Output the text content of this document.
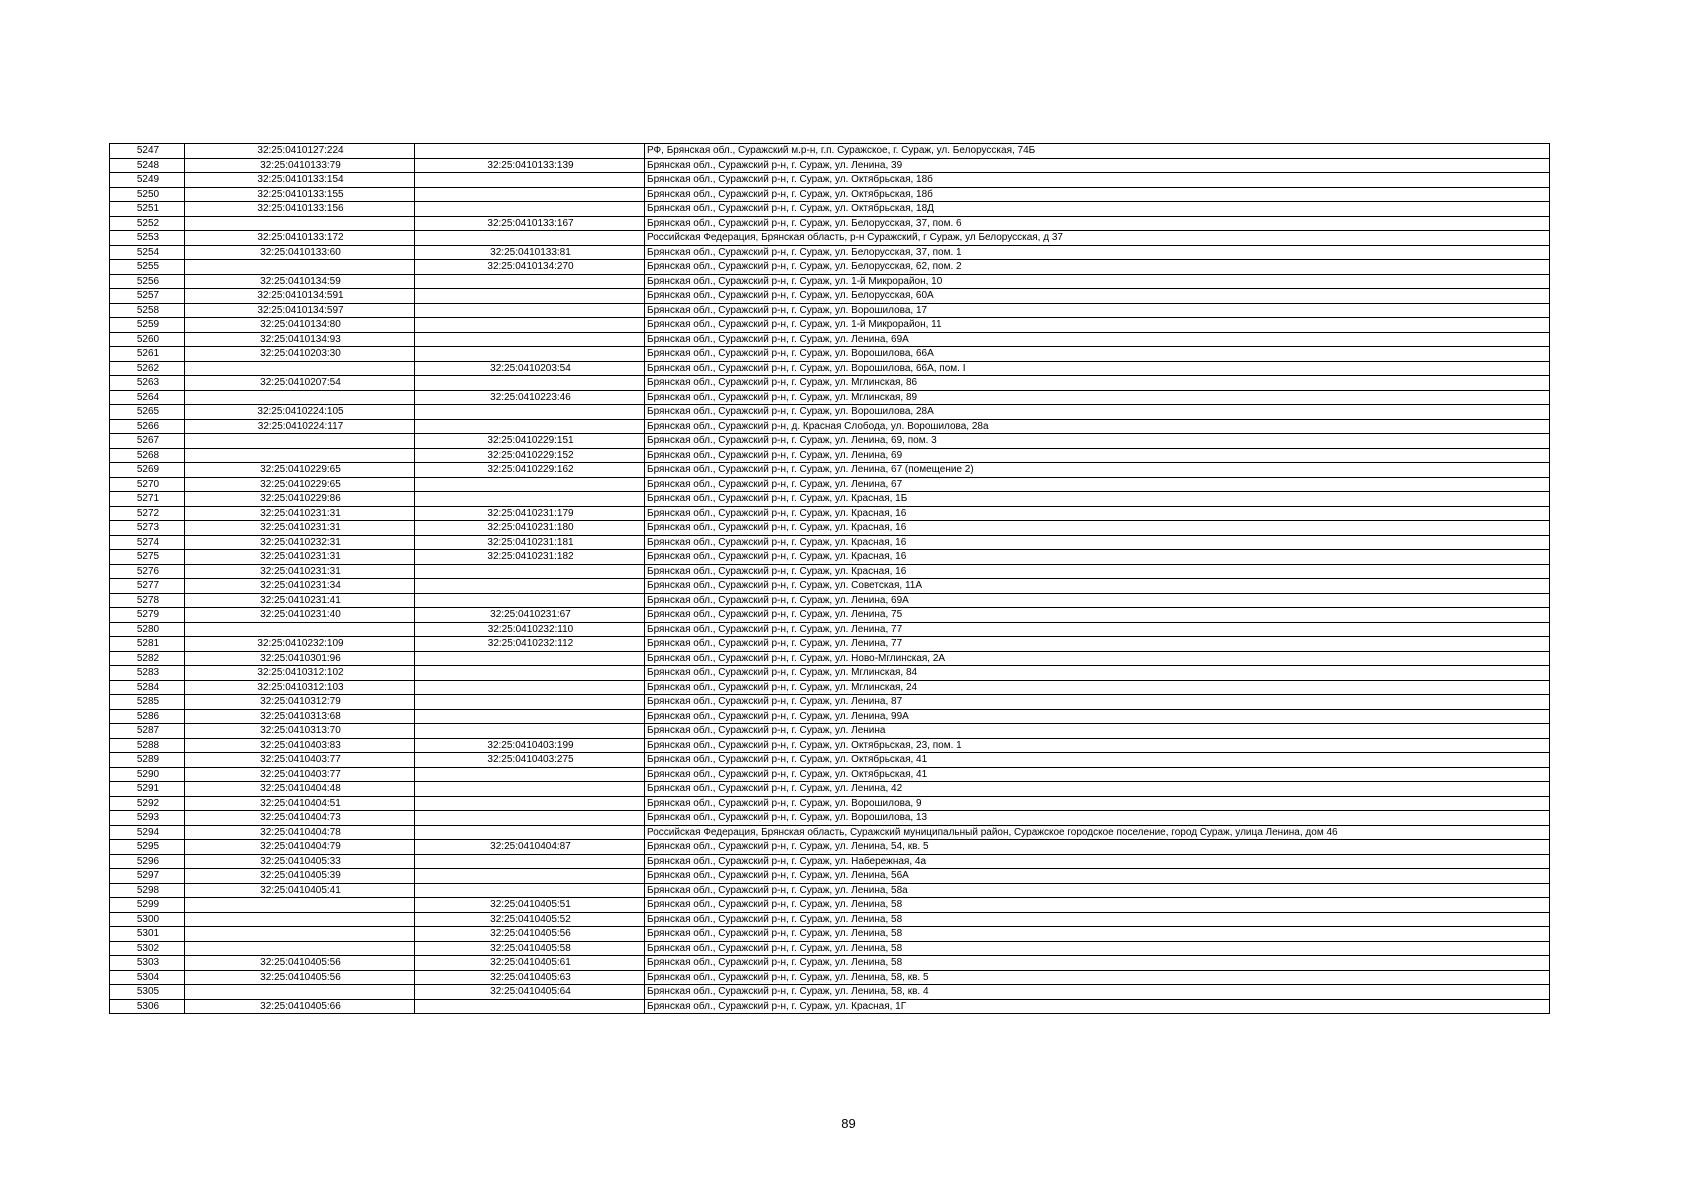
5247	32:25:0410127:224		РФ, Брянская обл., Суражский м.р-н, г.п. Суражское, г. Сураж, ул. Белорусская, 74Б
5248	32:25:0410133:79	32:25:0410133:139	Брянская обл., Суражский р-н, г. Сураж, ул. Ленина, 39
5249	32:25:0410133:154		Брянская обл., Суражский р-н, г. Сураж, ул. Октябрьская, 18б
5250	32:25:0410133:155		Брянская обл., Суражский р-н, г. Сураж, ул. Октябрьская, 18б
5251	32:25:0410133:156		Брянская обл., Суражский р-н, г. Сураж, ул. Октябрьская, 18Д
5252		32:25:0410133:167	Брянская обл., Суражский р-н, г. Сураж, ул. Белорусская, 37, пом. 6
5253	32:25:0410133:172		Российская Федерация, Брянская область, р-н Суражский, г Сураж, ул Белорусская, д 37
5254	32:25:0410133:60	32:25:0410133:81	Брянская обл., Суражский р-н, г. Сураж, ул. Белорусская, 37, пом. 1
5255		32:25:0410134:270	Брянская обл., Суражский р-н, г. Сураж, ул. Белорусская, 62, пом. 2
5256	32:25:0410134:59		Брянская обл., Суражский р-н, г. Сураж, ул. 1-й Микрорайон, 10
5257	32:25:0410134:591		Брянская обл., Суражский р-н, г. Сураж, ул. Белорусская, 60А
5258	32:25:0410134:597		Брянская обл., Суражский р-н, г. Сураж, ул. Ворошилова, 17
5259	32:25:0410134:80		Брянская обл., Суражский р-н, г. Сураж, ул. 1-й Микрорайон, 11
5260	32:25:0410134:93		Брянская обл., Суражский р-н, г. Сураж, ул. Ленина, 69А
5261	32:25:0410203:30		Брянская обл., Суражский р-н, г. Сураж, ул. Ворошилова, 66А
5262		32:25:0410203:54	Брянская обл., Суражский р-н, г. Сураж, ул. Ворошилова, 66А, пом. I
5263	32:25:0410207:54		Брянская обл., Суражский р-н, г. Сураж, ул. Мглинская, 86
5264		32:25:0410223:46	Брянская обл., Суражский р-н, г. Сураж, ул. Мглинская, 89
5265	32:25:0410224:105		Брянская обл., Суражский р-н, г. Сураж, ул. Ворошилова, 28А
5266	32:25:0410224:117		Брянская обл., Суражский р-н, д. Красная Слобода, ул. Ворошилова, 28а
5267		32:25:0410229:151	Брянская обл., Суражский р-н, г. Сураж, ул. Ленина, 69, пом. 3
5268		32:25:0410229:152	Брянская обл., Суражский р-н, г. Сураж, ул. Ленина, 69
5269	32:25:0410229:65	32:25:0410229:162	Брянская обл., Суражский р-н, г. Сураж, ул. Ленина, 67 (помещение 2)
5270	32:25:0410229:65		Брянская обл., Суражский р-н, г. Сураж, ул. Ленина, 67
5271	32:25:0410229:86		Брянская обл., Суражский р-н, г. Сураж, ул. Красная, 1Б
5272	32:25:0410231:31	32:25:0410231:179	Брянская обл., Суражский р-н, г. Сураж, ул. Красная, 16
5273	32:25:0410231:31	32:25:0410231:180	Брянская обл., Суражский р-н, г. Сураж, ул. Красная, 16
5274	32:25:0410232:31	32:25:0410231:181	Брянская обл., Суражский р-н, г. Сураж, ул. Красная, 16
5275	32:25:0410231:31	32:25:0410231:182	Брянская обл., Суражский р-н, г. Сураж, ул. Красная, 16
5276	32:25:0410231:31		Брянская обл., Суражский р-н, г. Сураж, ул. Красная, 16
5277	32:25:0410231:34		Брянская обл., Суражский р-н, г. Сураж, ул. Советская, 11А
5278	32:25:0410231:41		Брянская обл., Суражский р-н, г. Сураж, ул. Ленина, 69А
5279	32:25:0410231:40	32:25:0410231:67	Брянская обл., Суражский р-н, г. Сураж, ул. Ленина, 75
5280		32:25:0410232:110	Брянская обл., Суражский р-н, г. Сураж, ул. Ленина, 77
5281	32:25:0410232:109	32:25:0410232:112	Брянская обл., Суражский р-н, г. Сураж, ул. Ленина, 77
5282	32:25:0410301:96		Брянская обл., Суражский р-н, г. Сураж, ул. Ново-Мглинская, 2А
5283	32:25:0410312:102		Брянская обл., Суражский р-н, г. Сураж, ул. Мглинская, 84
5284	32:25:0410312:103		Брянская обл., Суражский р-н, г. Сураж, ул. Мглинская, 24
5285	32:25:0410312:79		Брянская обл., Суражский р-н, г. Сураж, ул. Ленина, 87
5286	32:25:0410313:68		Брянская обл., Суражский р-н, г. Сураж, ул. Ленина, 99А
5287	32:25:0410313:70		Брянская обл., Суражский р-н, г. Сураж, ул. Ленина
5288	32:25:0410403:83	32:25:0410403:199	Брянская обл., Суражский р-н, г. Сураж, ул. Октябрьская, 23, пом. 1
5289	32:25:0410403:77	32:25:0410403:275	Брянская обл., Суражский р-н, г. Сураж, ул. Октябрьская, 41
5290	32:25:0410403:77		Брянская обл., Суражский р-н, г. Сураж, ул. Октябрьская, 41
5291	32:25:0410404:48		Брянская обл., Суражский р-н, г. Сураж, ул. Ленина, 42
5292	32:25:0410404:51		Брянская обл., Суражский р-н, г. Сураж, ул. Ворошилова, 9
5293	32:25:0410404:73		Брянская обл., Суражский р-н, г. Сураж, ул. Ворошилова, 13
5294	32:25:0410404:78		Российская Федерация, Брянская область, Суражский муниципальный район, Суражское городское поселение, город Сураж, улица Ленина, дом 46
5295	32:25:0410404:79	32:25:0410404:87	Брянская обл., Суражский р-н, г. Сураж, ул. Ленина, 54, кв. 5
5296	32:25:0410405:33		Брянская обл., Суражский р-н, г. Сураж, ул. Набережная, 4а
5297	32:25:0410405:39		Брянская обл., Суражский р-н, г. Сураж, ул. Ленина, 56А
5298	32:25:0410405:41		Брянская обл., Суражский р-н, г. Сураж, ул. Ленина, 58а
5299		32:25:0410405:51	Брянская обл., Суражский р-н, г. Сураж, ул. Ленина, 58
5300		32:25:0410405:52	Брянская обл., Суражский р-н, г. Сураж, ул. Ленина, 58
5301		32:25:0410405:56	Брянская обл., Суражский р-н, г. Сураж, ул. Ленина, 58
5302		32:25:0410405:58	Брянская обл., Суражский р-н, г. Сураж, ул. Ленина, 58
5303	32:25:0410405:56	32:25:0410405:61	Брянская обл., Суражский р-н, г. Сураж, ул. Ленина, 58
5304	32:25:0410405:56	32:25:0410405:63	Брянская обл., Суражский р-н, г. Сураж, ул. Ленина, 58, кв. 5
5305		32:25:0410405:64	Брянская обл., Суражский р-н, г. Сураж, ул. Ленина, 58, кв. 4
5306	32:25:0410405:66		Брянская обл., Суражский р-н, г. Сураж, ул. Красная, 1Г
89
